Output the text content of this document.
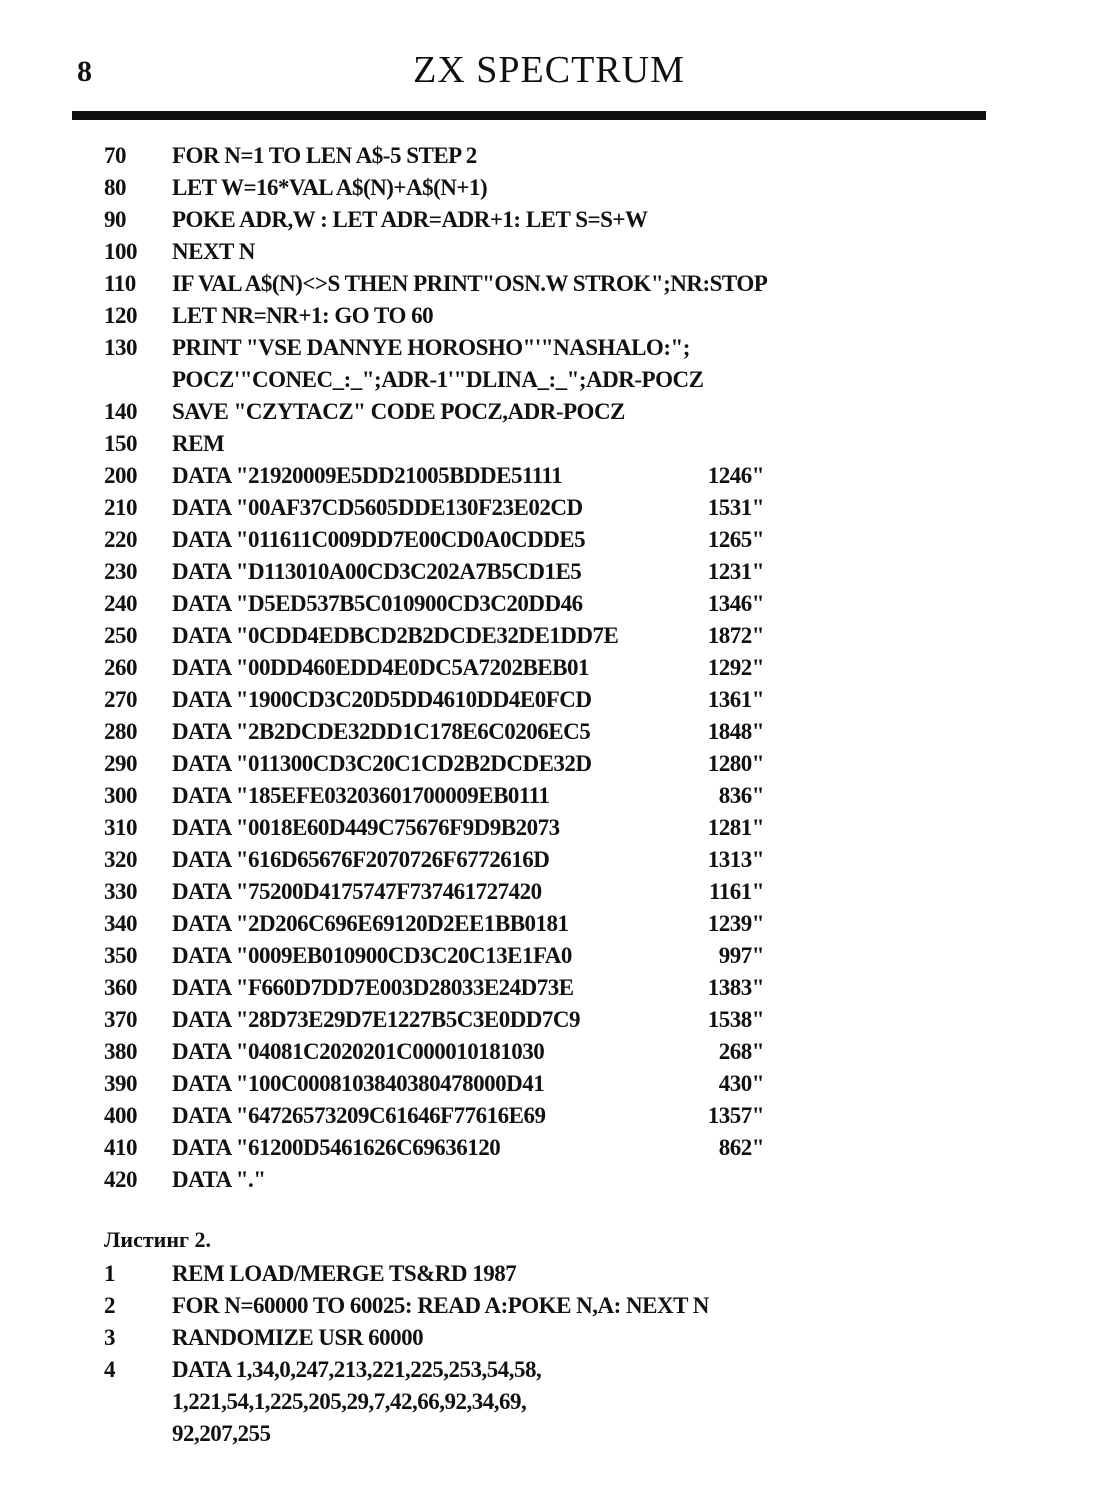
8	ZX SPECTRUM
70	FOR N=1 TO LEN A$-5 STEP 2
80	LET W=16*VAL A$(N)+A$(N+1)
90	POKE ADR,W : LET ADR=ADR+1: LET S=S+W
100	NEXT N
110	IF VAL A$(N)<>S THEN PRINT"OSN.W STROK";NR:STOP
120	LET NR=NR+1: GO TO 60
130	PRINT "VSE DANNYE HOROSHO"'"NASHALO:";
POCZ'"CONEC_:_";ADR-1'"DLINA_:_";ADR-POCZ
140	SAVE "CZYTACZ" CODE POCZ,ADR-POCZ
150	REM
200	DATA "21920009E5DD21005BDDE51111	1246"
210	DATA "00AF37CD5605DDE130F23E02CD	1531"
220	DATA "011611C009DD7E00CD0A0CDDE5	1265"
230	DATA "D113010A00CD3C202A7B5CD1E5	1231"
240	DATA "D5ED537B5C010900CD3C20DD46	1346"
250	DATA "0CDD4EDBCD2B2DCDE32DE1DD7E	1872"
260	DATA "00DD460EDD4E0DC5A7202BEB01	1292"
270	DATA "1900CD3C20D5DD4610DD4E0FCD	1361"
280	DATA "2B2DCDE32DD1C178E6C0206EC5	1848"
290	DATA "011300CD3C20C1CD2B2DCDE32D	1280"
300	DATA "185EFE03203601700009EB0111	836"
310	DATA "0018E60D449C75676F9D9B2073	1281"
320	DATA "616D65676F2070726F6772616D	1313"
330	DATA "75200D4175747F737461727420	1161"
340	DATA "2D206C696E69120D2EE1BB0181	1239"
350	DATA "0009EB010900CD3C20C13E1FA0	997"
360	DATA "F660D7DD7E003D28033E24D73E	1383"
370	DATA "28D73E29D7E1227B5C3E0DD7C9	1538"
380	DATA "04081C2020201C000010181030	268"
390	DATA "100C0008103840380478000D41	430"
400	DATA "64726573209C61646F77616E69	1357"
410	DATA "61200D5461626C69636120	862"
420	DATA "."
Листинг 2.
1	REM LOAD/MERGE TS&RD 1987
2	FOR N=60000 TO 60025: READ A:POKE N,A: NEXT N
3	RANDOMIZE USR 60000
4	DATA 1,34,0,247,213,221,225,253,54,58,
1,221,54,1,225,205,29,7,42,66,92,34,69,
92,207,255
